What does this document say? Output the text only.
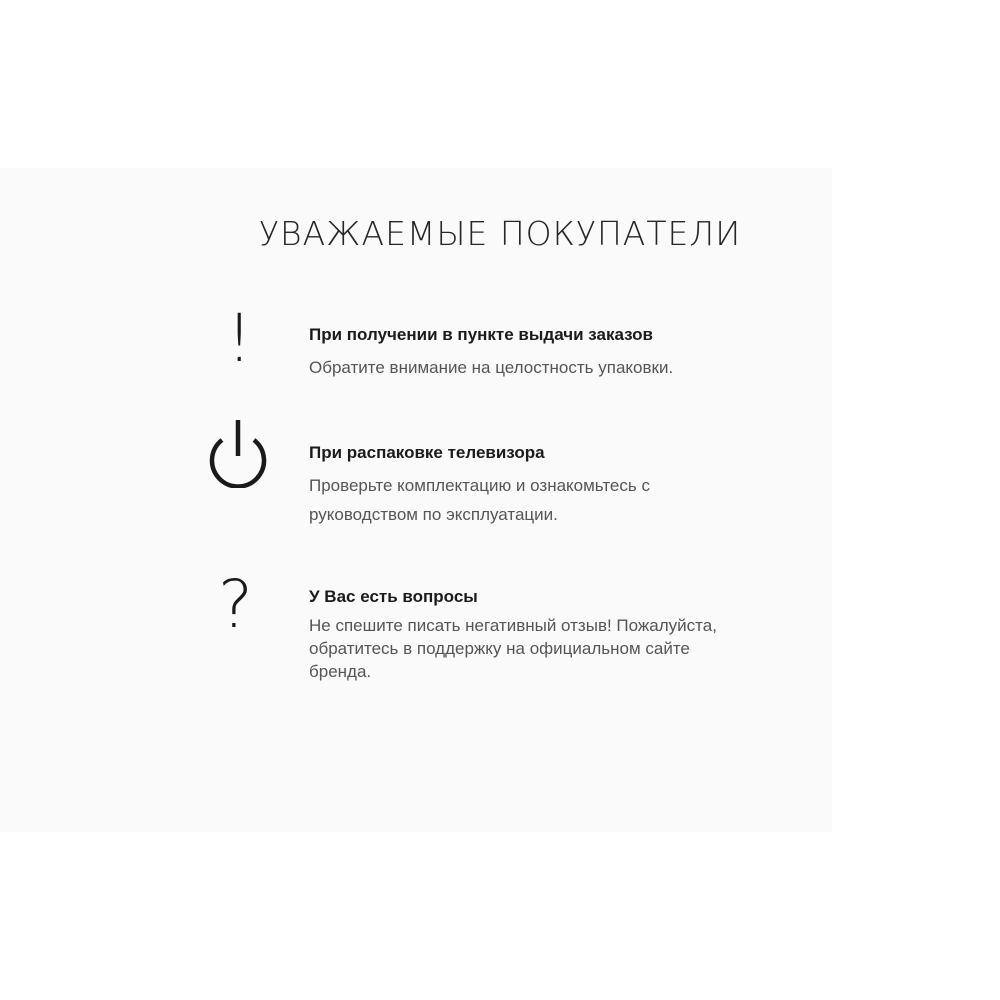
УВАЖАЕМЫЕ ПОКУПАТЕЛИ
!	При получении в пункте выдачи заказов
Обратите внимание на целостность упаковки.
При распаковке телевизора
Проверьте комплектацию и ознакомьтесь с
руководством по эксплуатации.
?	У Вас есть вопросы
Не спешите писать негативный отзыв! Пожалуйста,
обратитесь в поддержку на официальном сайте
бренда.
